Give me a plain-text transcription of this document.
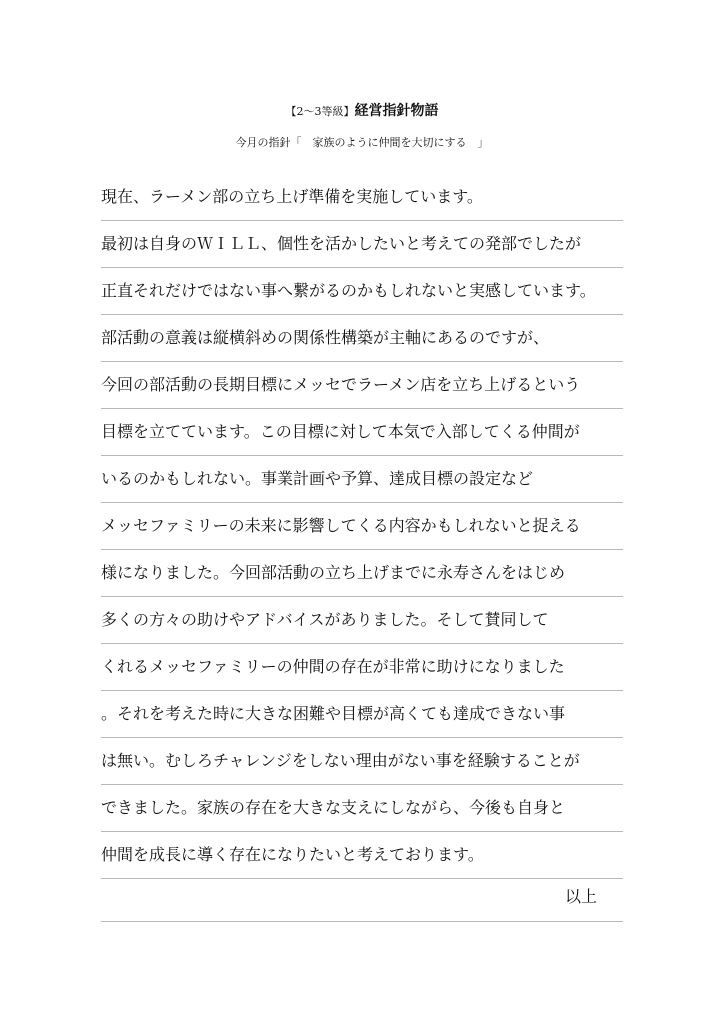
【2〜3等級】経営指針物語
今月の指針「　家族のように仲間を大切にする　」
現在、ラーメン部の立ち上げ準備を実施しています。
最初は自身のＷＩＬＬ、個性を活かしたいと考えての発部でしたが
正直それだけではない事へ繋がるのかもしれないと実感しています。
部活動の意義は縦横斜めの関係性構築が主軸にあるのですが、
今回の部活動の長期目標にメッセでラーメン店を立ち上げるという
目標を立てています。この目標に対して本気で入部してくる仲間が
いるのかもしれない。事業計画や予算、達成目標の設定など
メッセファミリーの未来に影響してくる内容かもしれないと捉える
様になりました。今回部活動の立ち上げまでに永寿さんをはじめ
多くの方々の助けやアドバイスがありました。そして賛同して
くれるメッセファミリーの仲間の存在が非常に助けになりました
。それを考えた時に大きな困難や目標が高くても達成できない事
は無い。むしろチャレンジをしない理由がない事を経験することが
できました。家族の存在を大きな支えにしながら、今後も自身と
仲間を成長に導く存在になりたいと考えております。
以上
